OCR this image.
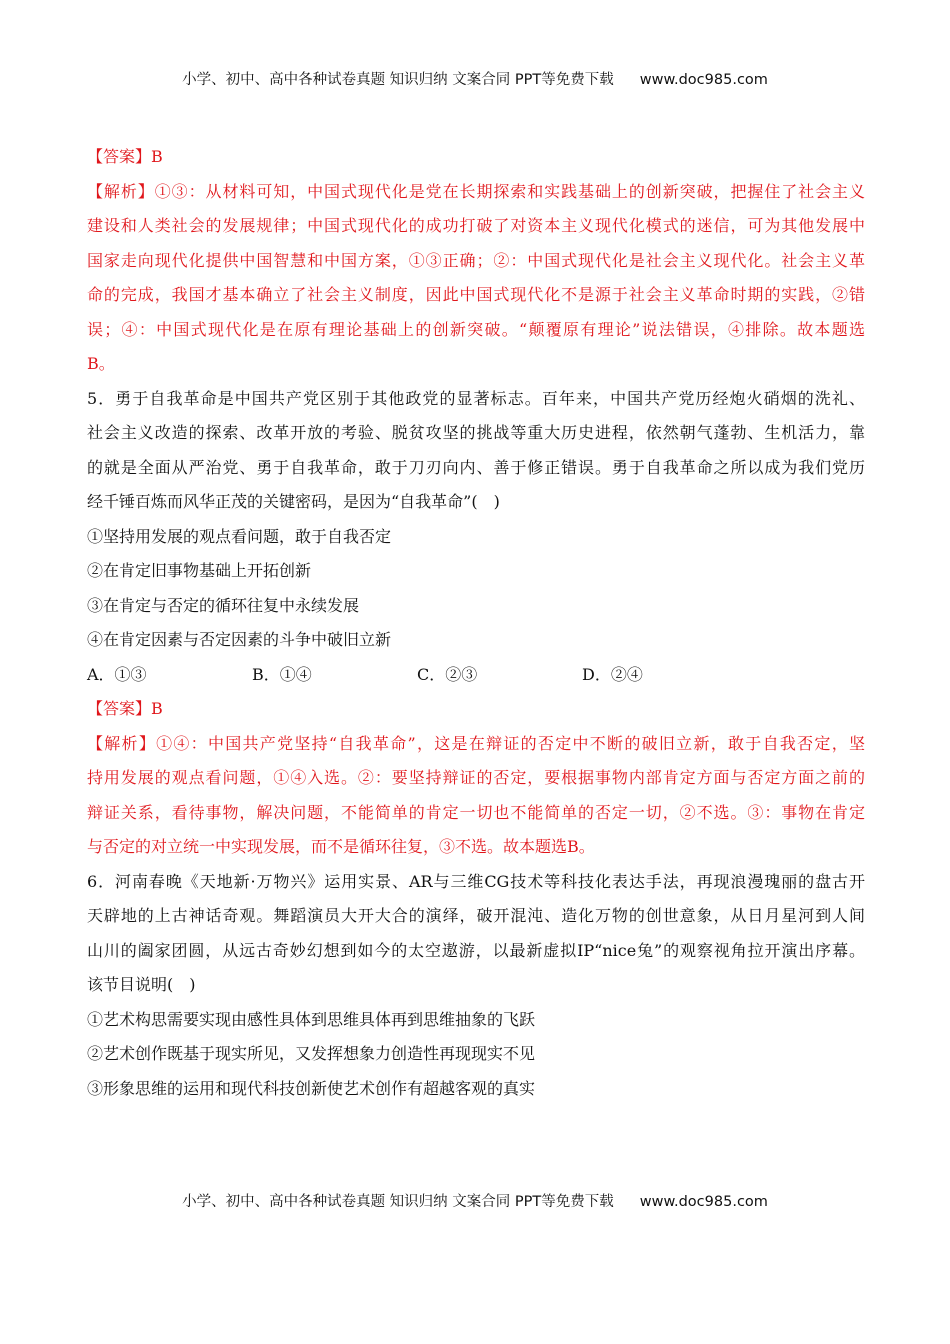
小学、初中、高中各种试卷真题 知识归纳 文案合同 PPT等免费下载 www.doc985.com
【答案】B
【解析】①③：从材料可知，中国式现代化是党在长期探索和实践基础上的创新突破，把握住了社会主义
建设和人类社会的发展规律；中国式现代化的成功打破了对资本主义现代化模式的迷信，可为其他发展中
国家走向现代化提供中国智慧和中国方案，①③正确；②：中国式现代化是社会主义现代化。社会主义革
命的完成，我国才基本确立了社会主义制度，因此中国式现代化不是源于社会主义革命时期的实践，②错
误；④：中国式现代化是在原有理论基础上的创新突破。“颠覆原有理论”说法错误，④排除。故本题选
B。
5．勇于自我革命是中国共产党区别于其他政党的显著标志。百年来，中国共产党历经炮火硝烟的洗礼、
社会主义改造的探索、改革开放的考验、脱贫攻坚的挑战等重大历史进程，依然朝气蓬勃、生机活力，靠
的就是全面从严治党、勇于自我革命，敢于刀刃向内、善于修正错误。勇于自我革命之所以成为我们党历
经千锤百炼而风华正茂的关键密码，是因为“自我革命”(　)
①坚持用发展的观点看问题，敢于自我否定
②在肯定旧事物基础上开拓创新
③在肯定与否定的循环往复中永续发展
④在肯定因素与否定因素的斗争中破旧立新
A．①③	B．①④	C．②③	D．②④
【答案】B
【解析】①④：中国共产党坚持“自我革命”，这是在辩证的否定中不断的破旧立新，敢于自我否定，坚
持用发展的观点看问题，①④入选。②：要坚持辩证的否定，要根据事物内部肯定方面与否定方面之前的
辩证关系，看待事物，解决问题，不能简单的肯定一切也不能简单的否定一切，②不选。③：事物在肯定
与否定的对立统一中实现发展，而不是循环往复，③不选。故本题选B。
6．河南春晚《天地新·万物兴》运用实景、AR与三维CG技术等科技化表达手法，再现浪漫瑰丽的盘古开
天辟地的上古神话奇观。舞蹈演员大开大合的演绎，破开混沌、造化万物的创世意象，从日月星河到人间
山川的阖家团圆，从远古奇妙幻想到如今的太空遨游，以最新虚拟IP“nice兔”的观察视角拉开演出序幕。
该节目说明(　)
①艺术构思需要实现由感性具体到思维具体再到思维抽象的飞跃
②艺术创作既基于现实所见，又发挥想象力创造性再现现实不见
③形象思维的运用和现代科技创新使艺术创作有超越客观的真实
小学、初中、高中各种试卷真题 知识归纳 文案合同 PPT等免费下载 www.doc985.com
